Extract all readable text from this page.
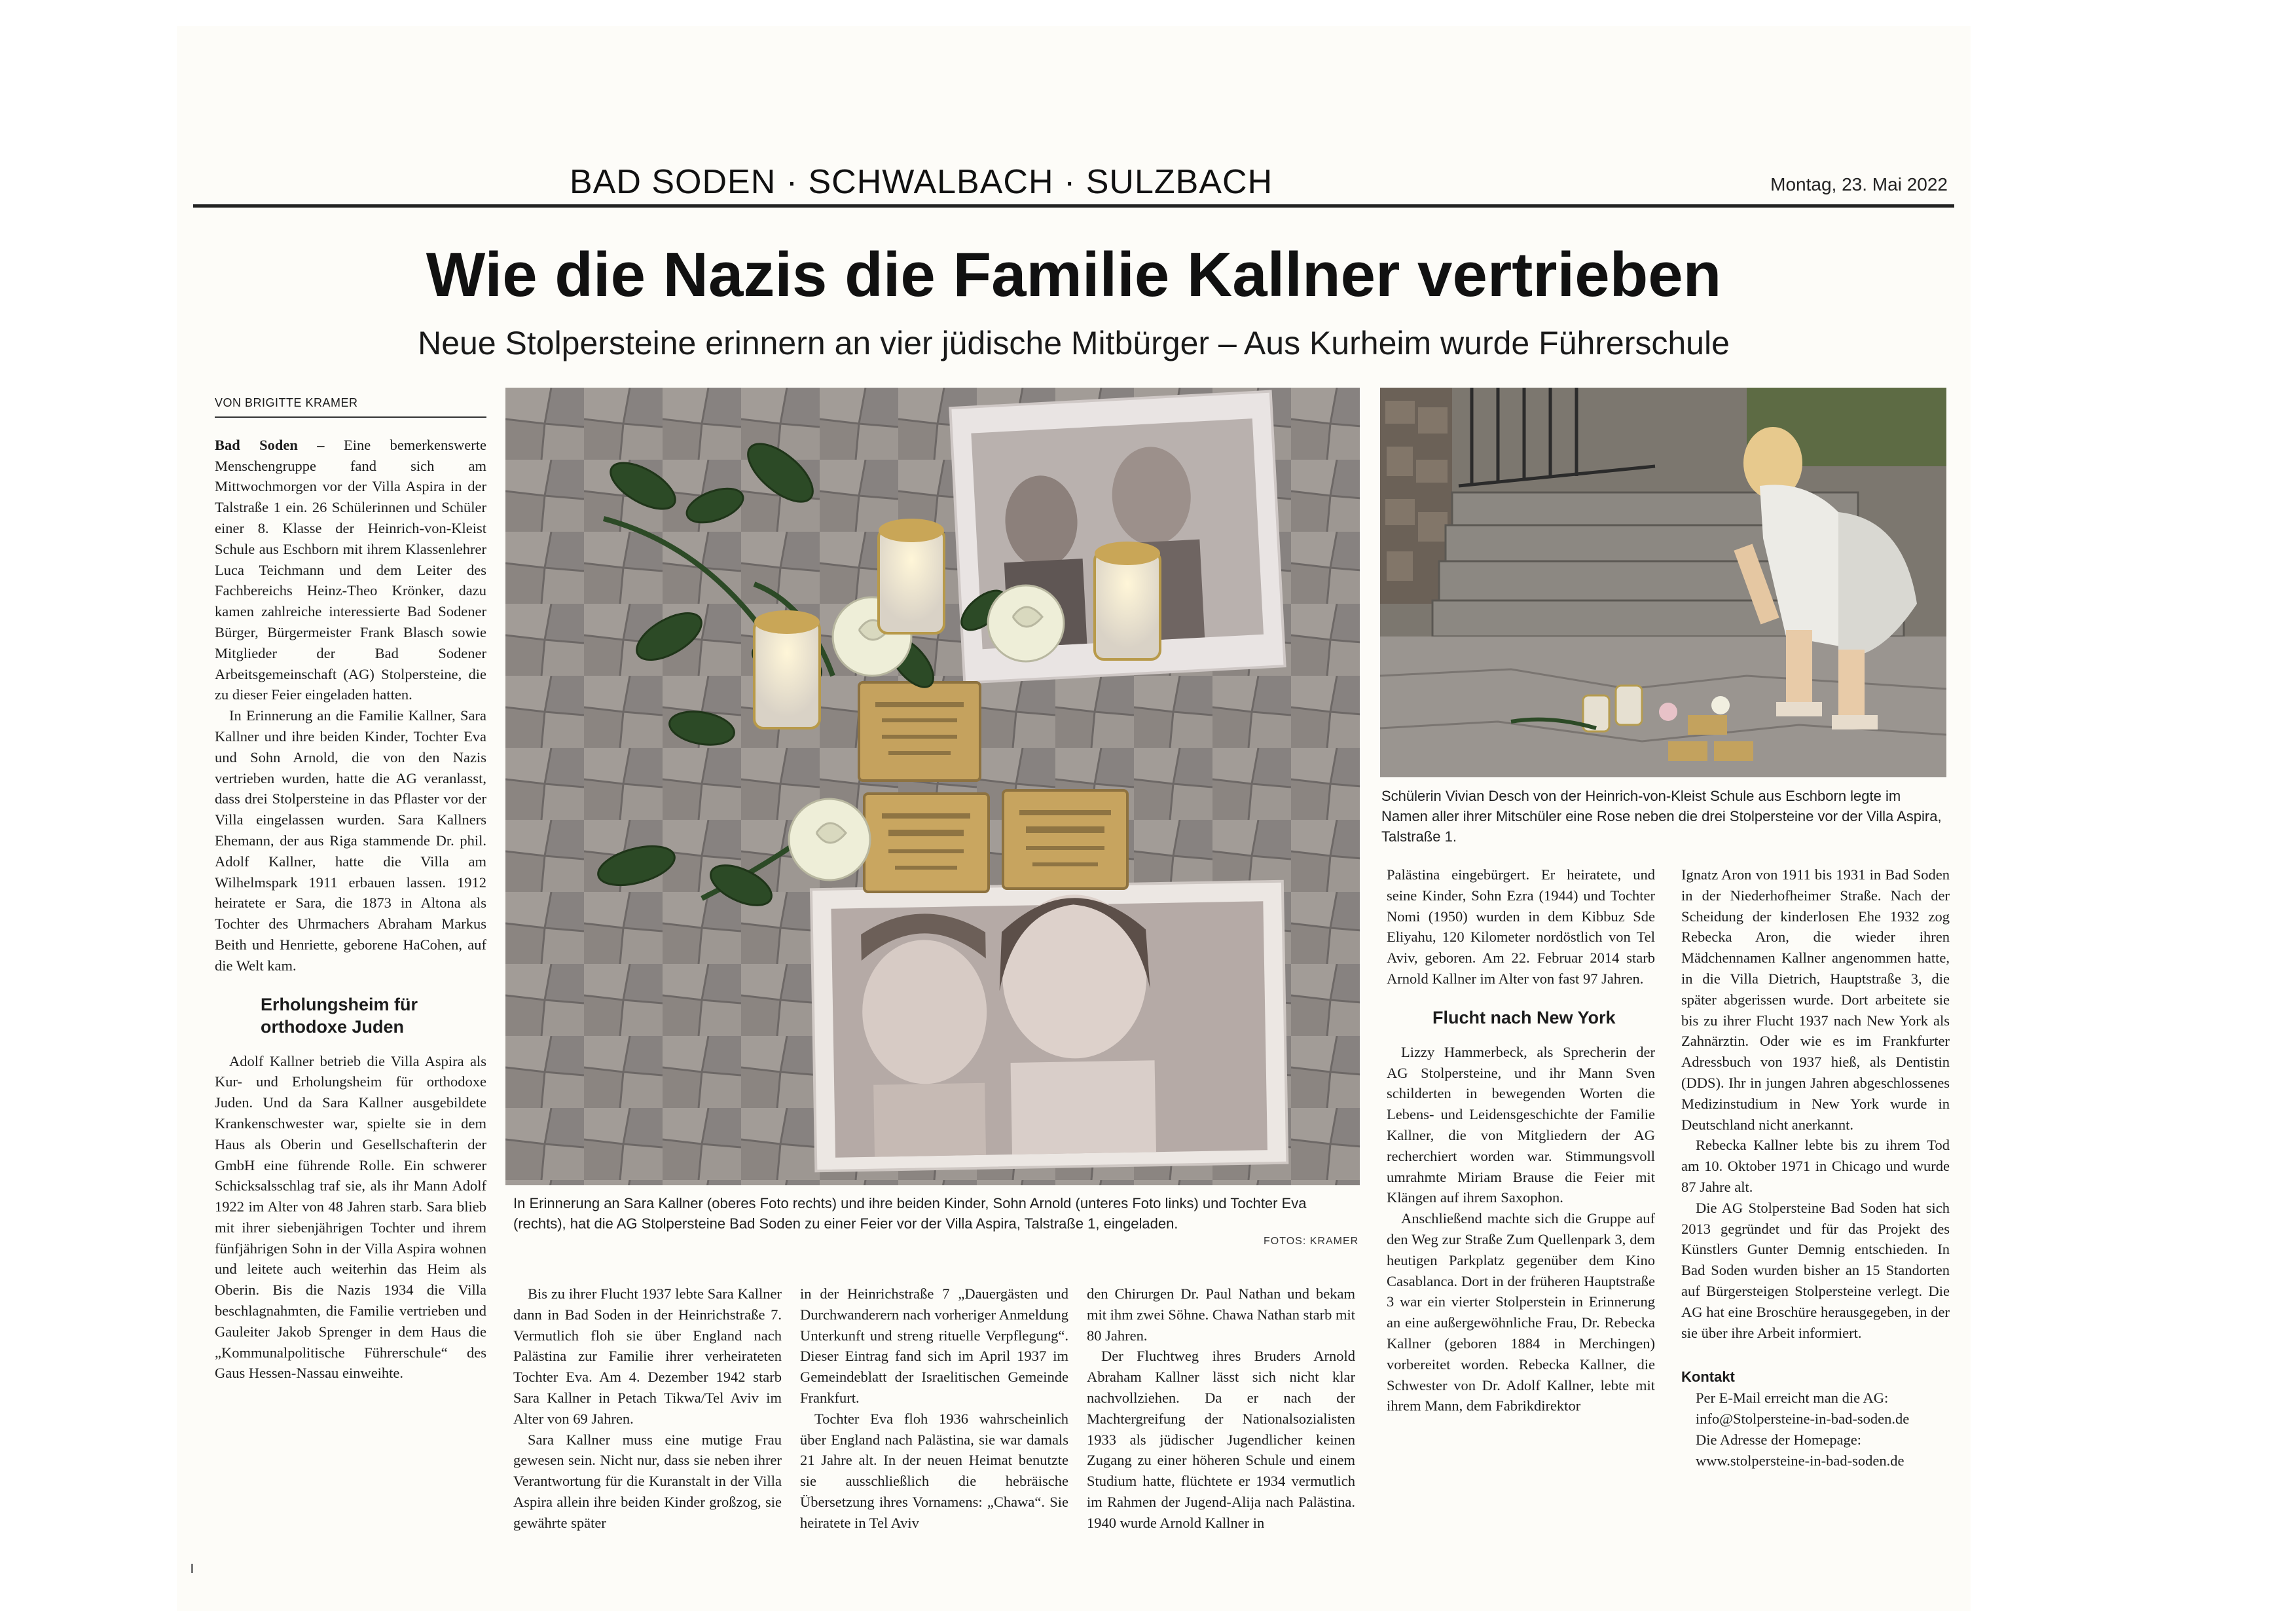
BAD SODEN · SCHWALBACH · SULZBACH	Montag, 23. Mai 2022
Wie die Nazis die Familie Kallner vertrieben
Neue Stolpersteine erinnern an vier jüdische Mitbürger – Aus Kurheim wurde Führerschule
VON BRIGITTE KRAMER

Bad Soden – Eine bemerkenswerte Menschengruppe fand sich am Mittwochmorgen vor der Villa Aspira in der Talstraße 1 ein. 26 Schülerinnen und Schüler einer 8. Klasse der Heinrich-von-Kleist Schule aus Eschborn mit ihrem Klassenlehrer Luca Teichmann und dem Leiter des Fachbereichs Heinz-Theo Krönker, dazu kamen zahlreiche interessierte Bad Sodener Bürger, Bürgermeister Frank Blasch sowie Mitglieder der Bad Sodener Arbeitsgemeinschaft (AG) Stolpersteine, die zu dieser Feier eingeladen hatten.

In Erinnerung an die Familie Kallner, Sara Kallner und ihre beiden Kinder, Tochter Eva und Sohn Arnold, die von den Nazis vertrieben wurden, hatte die AG veranlasst, dass drei Stolpersteine in das Pflaster vor der Villa eingelassen wurden. Sara Kallners Ehemann, der aus Riga stammende Dr. phil. Adolf Kallner, hatte die Villa am Wilhelmspark 1911 erbauen lassen. 1912 heiratete er Sara, die 1873 in Altona als Tochter des Uhrmachers Abraham Markus Beith und Henriette, geborene HaCohen, auf die Welt kam.

Erholungsheim für orthodoxe Juden

Adolf Kallner betrieb die Villa Aspira als Kur- und Erholungsheim für orthodoxe Juden. Und da Sara Kallner ausgebildete Krankenschwester war, spielte sie in dem Haus als Oberin und Gesellschafterin der GmbH eine führende Rolle. Ein schwerer Schicksalsschlag traf sie, als ihr Mann Adolf 1922 im Alter von 48 Jahren starb. Sara blieb mit ihrer siebenjährigen Tochter und ihrem fünfjährigen Sohn in der Villa Aspira wohnen und leitete auch weiterhin das Heim als Oberin. Bis die Nazis 1934 die Villa beschlagnahmten, die Familie vertrieben und Gauleiter Jakob Sprenger in dem Haus die „Kommunalpolitische Führerschule“ des Gaus Hessen-Nassau einweihte.

In Erinnerung an Sara Kallner (oberes Foto rechts) und ihre beiden Kinder, Sohn Arnold (unteres Foto links) und Tochter Eva (rechts), hat die AG Stolpersteine Bad Soden zu einer Feier vor der Villa Aspira, Talstraße 1, eingeladen.
FOTOS: KRAMER
Schülerin Vivian Desch von der Heinrich-von-Kleist Schule aus Eschborn legte im Namen aller ihrer Mitschüler eine Rose neben die drei Stolpersteine vor der Villa Aspira, Talstraße 1.

Bis zu ihrer Flucht 1937 lebte Sara Kallner dann in Bad Soden in der Heinrichstraße 7. Vermutlich floh sie über England nach Palästina zur Familie ihrer verheirateten Tochter Eva. Am 4. Dezember 1942 starb Sara Kallner in Petach Tikwa/Tel Aviv im Alter von 69 Jahren.

Sara Kallner muss eine mutige Frau gewesen sein. Nicht nur, dass sie neben ihrer Verantwortung für die Kuranstalt in der Villa Aspira allein ihre beiden Kinder großzog, sie gewährte später

in der Heinrichstraße 7 „Dauergästen und Durchwanderern nach vorheriger Anmeldung Unterkunft und streng rituelle Verpflegung“. Dieser Eintrag fand sich im April 1937 im Gemeindeblatt der Israelitischen Gemeinde Frankfurt.

Tochter Eva floh 1936 wahrscheinlich über England nach Palästina, sie war damals 21 Jahre alt. In der neuen Heimat benutzte sie ausschließlich die hebräische Übersetzung ihres Vornamens: „Chawa“. Sie heiratete in Tel Aviv

den Chirurgen Dr. Paul Nathan und bekam mit ihm zwei Söhne. Chawa Nathan starb mit 80 Jahren.

Der Fluchtweg ihres Bruders Arnold Abraham Kallner lässt sich nicht klar nachvollziehen. Da er nach der Machtergreifung der Nationalsozialisten 1933 als jüdischer Jugendlicher keinen Zugang zu einer höheren Schule und einem Studium hatte, flüchtete er 1934 vermutlich im Rahmen der Jugend-Alija nach Palästina. 1940 wurde Arnold Kallner in

Palästina eingebürgert. Er heiratete, und seine Kinder, Sohn Ezra (1944) und Tochter Nomi (1950) wurden in dem Kibbuz Sde Eliyahu, 120 Kilometer nordöstlich von Tel Aviv, geboren. Am 22. Februar 2014 starb Arnold Kallner im Alter von fast 97 Jahren.

Flucht nach New York

Lizzy Hammerbeck, als Sprecherin der AG Stolpersteine, und ihr Mann Sven schilderten in bewegenden Worten die Lebens- und Leidensgeschichte der Familie Kallner, die von Mitgliedern der AG recherchiert worden war. Stimmungsvoll umrahmte Miriam Brause die Feier mit Klängen auf ihrem Saxophon.

Anschließend machte sich die Gruppe auf den Weg zur Straße Zum Quellenpark 3, dem heutigen Parkplatz gegenüber dem Kino Casablanca. Dort in der früheren Hauptstraße 3 war ein vierter Stolperstein in Erinnerung an eine außergewöhnliche Frau, Dr. Rebecka Kallner (geboren 1884 in Merchingen) vorbereitet worden. Rebecka Kallner, die Schwester von Dr. Adolf Kallner, lebte mit ihrem Mann, dem Fabrikdirektor

Ignatz Aron von 1911 bis 1931 in Bad Soden in der Niederhofheimer Straße. Nach der Scheidung der kinderlosen Ehe 1932 zog Rebecka Aron, die wieder ihren Mädchennamen Kallner angenommen hatte, in die Villa Dietrich, Hauptstraße 3, die später abgerissen wurde. Dort arbeitete sie bis zu ihrer Flucht 1937 nach New York als Zahnärztin. Oder wie es im Frankfurter Adressbuch von 1937 hieß, als Dentistin (DDS). Ihr in jungen Jahren abgeschlossenes Medizinstudium in New York wurde in Deutschland nicht anerkannt.

Rebecka Kallner lebte bis zu ihrem Tod am 10. Oktober 1971 in Chicago und wurde 87 Jahre alt.

Die AG Stolpersteine Bad Soden hat sich 2013 gegründet und für das Projekt des Künstlers Gunter Demnig entschieden. In Bad Soden wurden bisher an 15 Standorten auf Bürgersteigen Stolpersteine verlegt. Die AG hat eine Broschüre herausgegeben, in der sie über ihre Arbeit informiert.

Kontakt

Per E-Mail erreicht man die AG:

info@Stolpersteine-in-bad-soden.de

Die Adresse der Homepage:

www.stolpersteine-in-bad-soden.de
